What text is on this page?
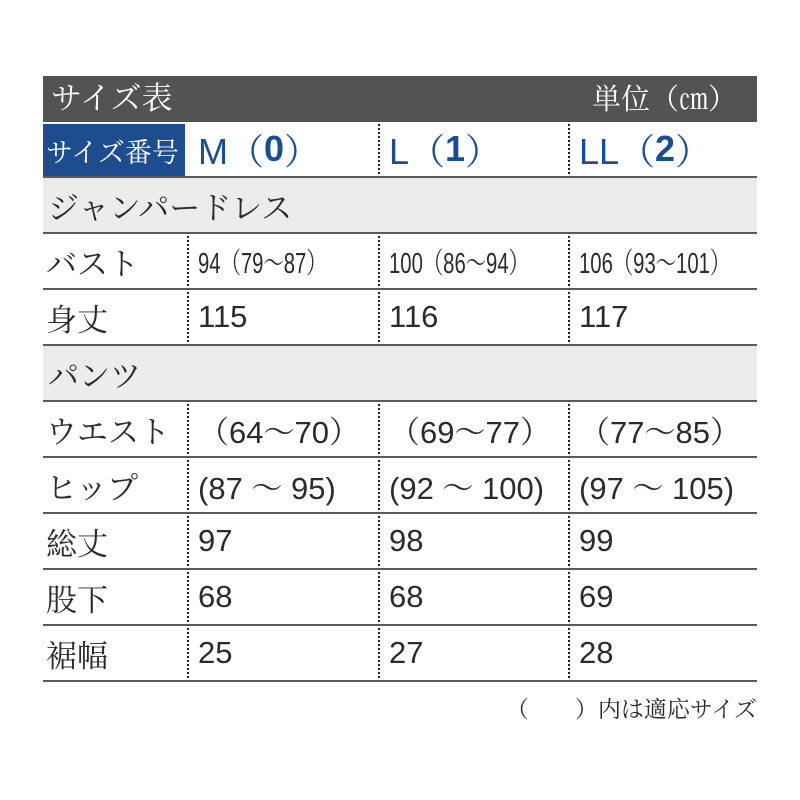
サイズ表	単位（㎝）
サイズ番号 M（ 0 ） L（ 1 ） LL（ 2 ）
ジャンパードレス
バスト	94（79～87） 100（86～94） 106（93～101）
身丈	115	116	117
パンツ
ウエスト （64～70） （69～77） （77～85）
ヒップ	(87 ～ 95)	(92 ～ 100)	(97 ～ 105)
総丈	97	98	99
股下	68	68	69
裾幅	25	27	28
（　　）内は適応サイズ
